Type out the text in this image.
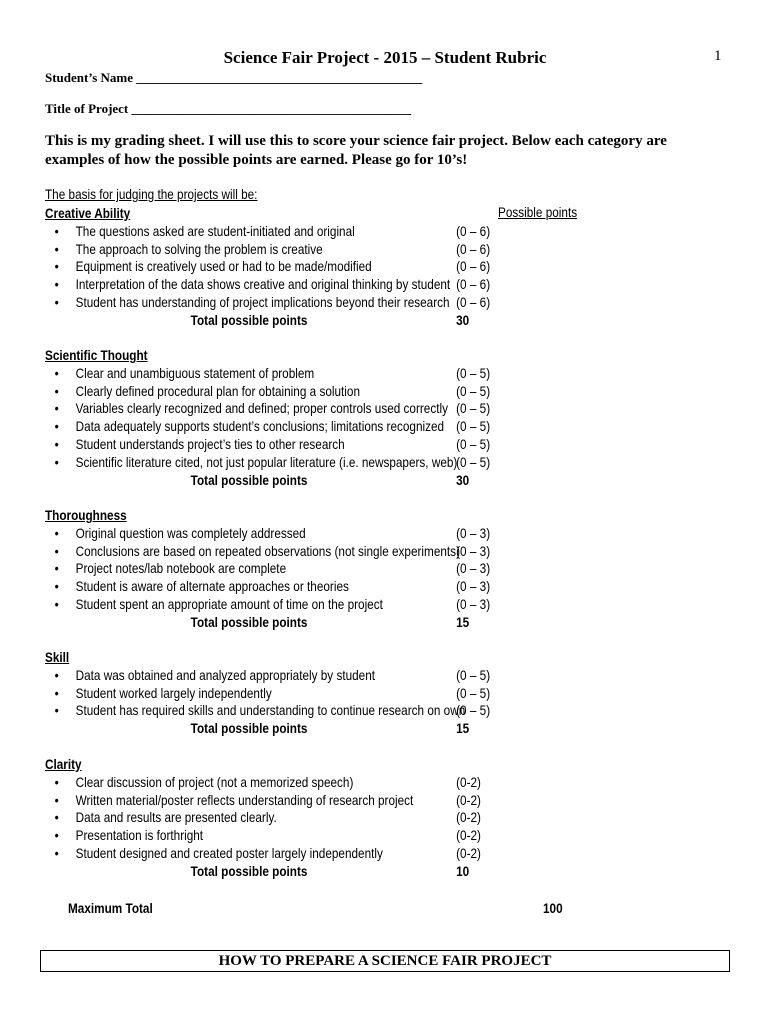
1
Science Fair Project - 2015 – Student Rubric
Student’s Name ____________________________________________
Title of Project ___________________________________________
This is my grading sheet. I will use this to score your science fair project. Below each category are examples of how the possible points are earned. Please go for 10’s!
The basis for judging the projects will be:
Possible points
Creative Ability
• The questions asked are student-initiated and original	(0 – 6)
• The approach to solving the problem is creative	(0 – 6)
• Equipment is creatively used or had to be made/modified	(0 – 6)
• Interpretation of the data shows creative and original thinking by student (0 – 6)
• Student has understanding of project implications beyond their research (0 – 6)
Total possible points	30
Scientific Thought
• Clear and unambiguous statement of problem	(0 – 5)
• Clearly defined procedural plan for obtaining a solution	(0 – 5)
• Variables clearly recognized and defined; proper controls used correctly (0 – 5)
• Data adequately supports student’s conclusions; limitations recognized (0 – 5)
• Student understands project’s ties to other research	(0 – 5)
• Scientific literature cited, not just popular literature (i.e. newspapers, web)
(0 – 5)
Total possible points	30
Thoroughness
• Original question was completely addressed	(0 – 3)
• Conclusions are based on repeated observations (not single experiments)
(0 – 3)
• Project notes/lab notebook are complete	(0 – 3)
• Student is aware of alternate approaches or theories	(0 – 3)
• Student spent an appropriate amount of time on the project	(0 – 3)
Total possible points	15
Skill
• Data was obtained and analyzed appropriately by student	(0 – 5)
• Student worked largely independently	(0 – 5)
• Student has required skills and understanding to continue research on own
(0 – 5)
Total possible points	15
Clarity
• Clear discussion of project (not a memorized speech)	(0-2)
• Written material/poster reflects understanding of research project	(0-2)
• Data and results are presented clearly.	(0-2)
• Presentation is forthright	(0-2)
• Student designed and created poster largely independently	(0-2)
Total possible points	10
Maximum Total	100
HOW TO PREPARE A SCIENCE FAIR PROJECT
